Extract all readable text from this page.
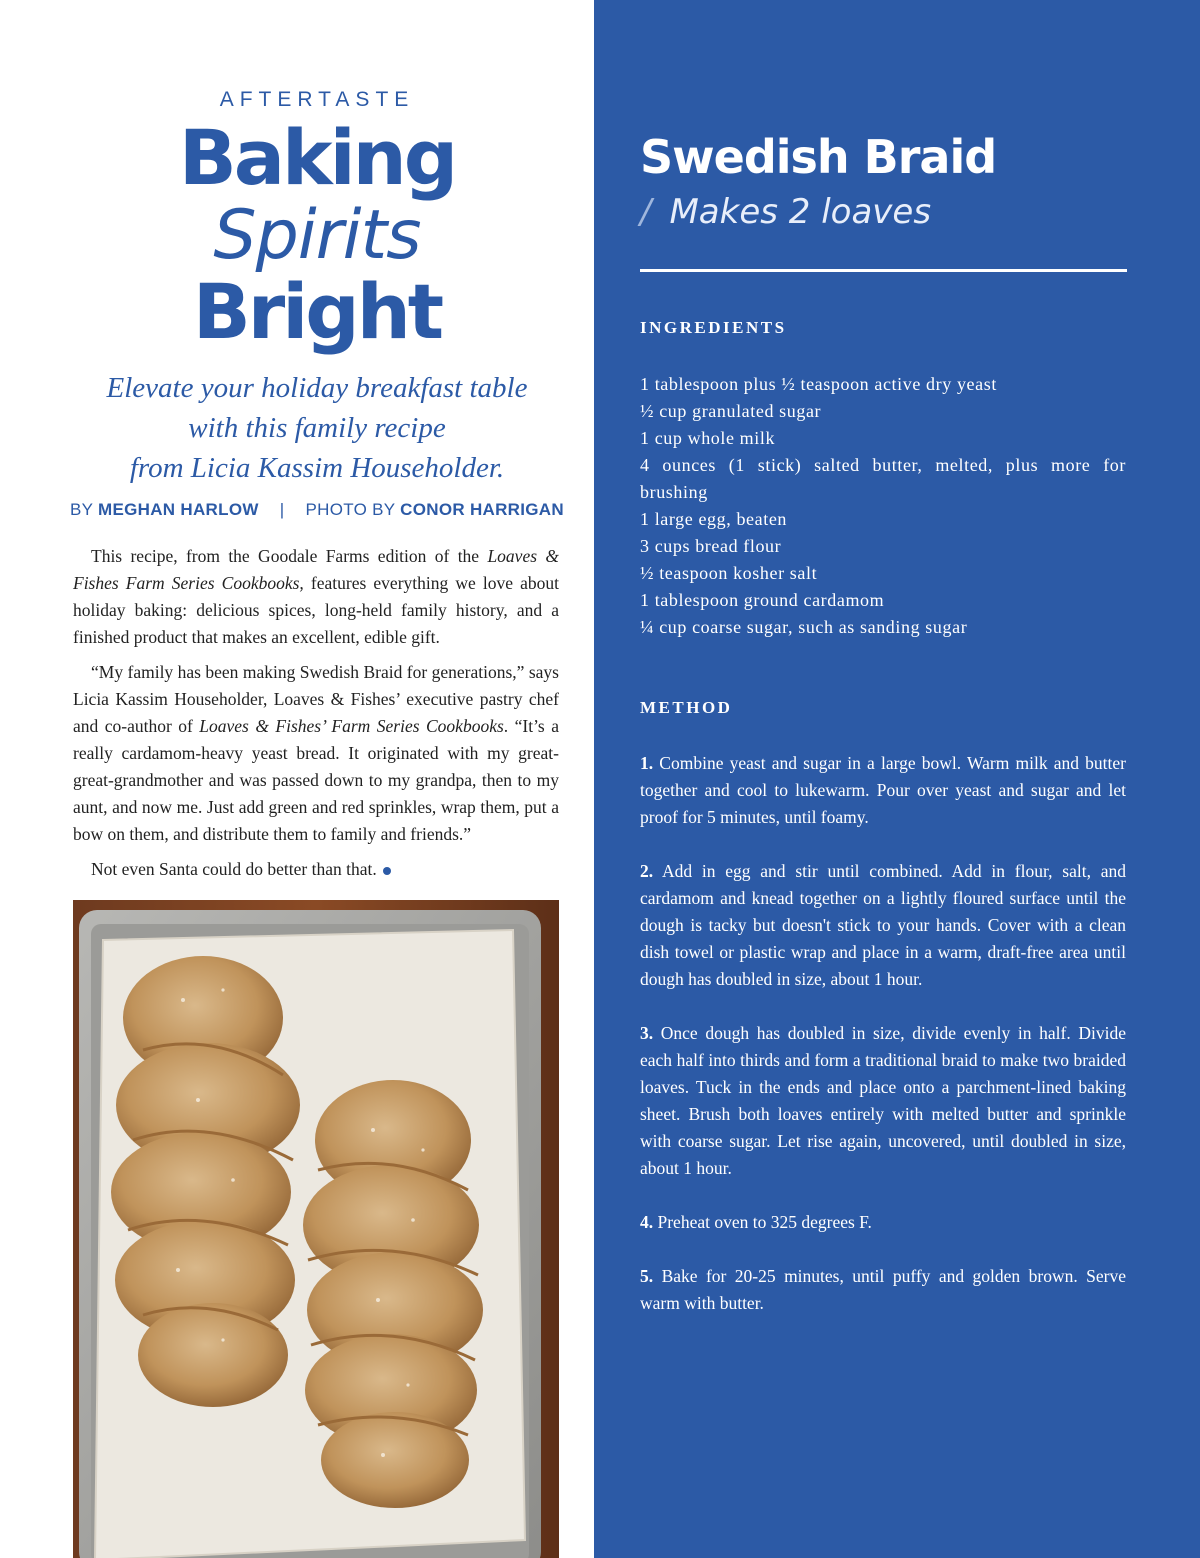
AFTERTASTE
Baking
Spirits
Bright
Elevate your holiday breakfast table
with this family recipe
from Licia Kassim Householder.
BY MEGHAN HARLOW | PHOTO BY CONOR HARRIGAN

This recipe, from the Goodale Farms edition of the Loaves & Fishes Farm Series Cookbooks, features everything we love about holiday baking: delicious spices, long-held family history, and a finished product that makes an excellent, edible gift.

“My family has been making Swedish Braid for generations,” says Licia Kassim Householder, Loaves & Fishes’ executive pastry chef and co-author of Loaves & Fishes’ Farm Series Cookbooks. “It’s a really cardamom-heavy yeast bread. It originated with my great-great-grandmother and was passed down to my grandpa, then to my aunt, and now me. Just add green and red sprinkles, wrap them, put a bow on them, and distribute them to family and friends.”

Not even Santa could do better than that.

Swedish Braid
/ Makes 2 loaves
INGREDIENTS
1 tablespoon plus ½ teaspoon active dry yeast
½ cup granulated sugar
1 cup whole milk
4 ounces (1 stick) salted butter, melted, plus more for brushing
1 large egg, beaten
3 cups bread flour
½ teaspoon kosher salt
1 tablespoon ground cardamom
¼ cup coarse sugar, such as sanding sugar
METHOD

1. Combine yeast and sugar in a large bowl. Warm milk and butter together and cool to lukewarm. Pour over yeast and sugar and let proof for 5 minutes, until foamy.

2. Add in egg and stir until combined. Add in flour, salt, and cardamom and knead together on a lightly floured surface until the dough is tacky but doesn't stick to your hands. Cover with a clean dish towel or plastic wrap and place in a warm, draft-free area until dough has doubled in size, about 1 hour.

3. Once dough has doubled in size, divide evenly in half. Divide each half into thirds and form a traditional braid to make two braided loaves. Tuck in the ends and place onto a parchment-lined baking sheet. Brush both loaves entirely with melted butter and sprinkle with coarse sugar. Let rise again, uncovered, until doubled in size, about 1 hour.

4. Preheat oven to 325 degrees F.

5. Bake for 20-25 minutes, until puffy and golden brown. Serve warm with butter.
